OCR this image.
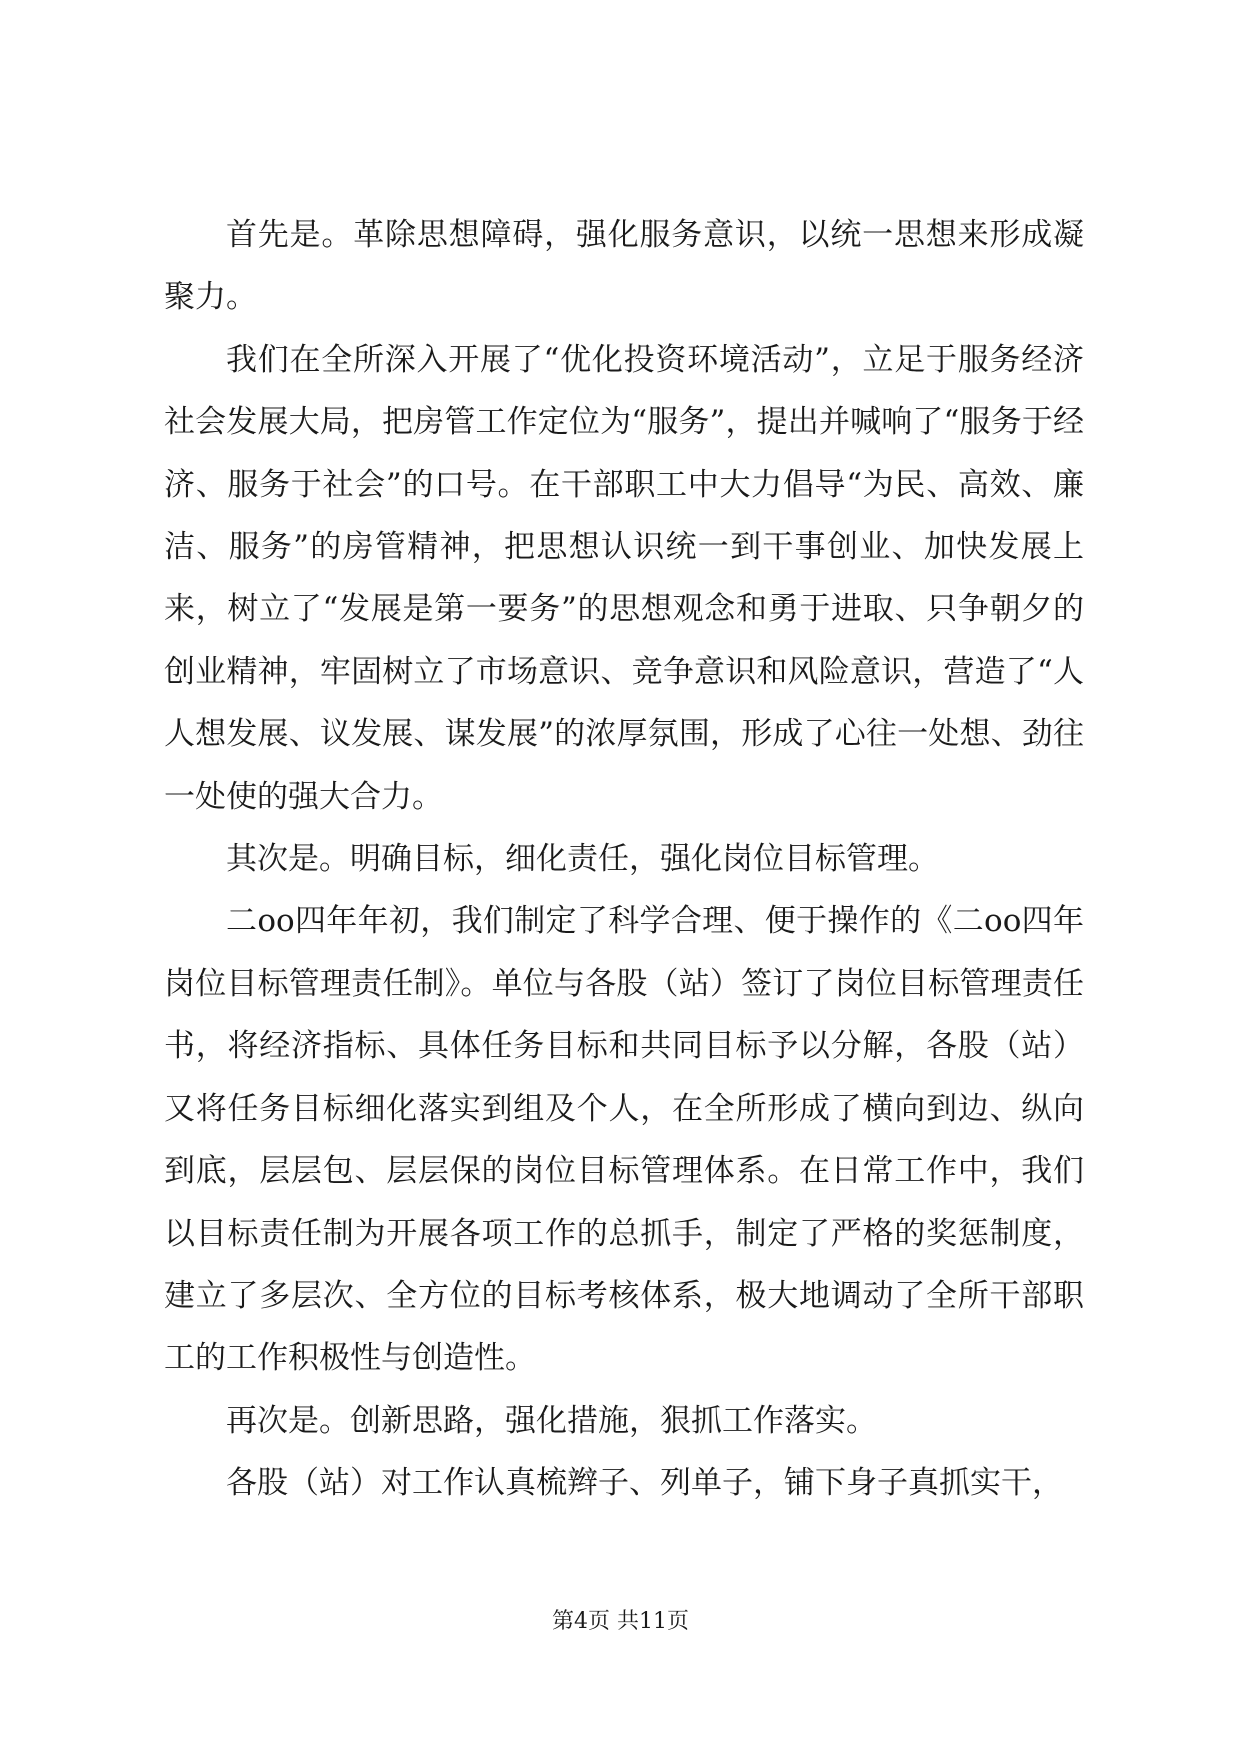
首先是。革除思想障碍，强化服务意识，以统一思想来形成凝聚力。

我们在全所深入开展了“优化投资环境活动”，立足于服务经济社会发展大局，把房管工作定位为“服务”，提出并喊响了“服务于经济、服务于社会”的口号。在干部职工中大力倡导“为民、高效、廉洁、服务”的房管精神，把思想认识统一到干事创业、加快发展上来，树立了“发展是第一要务”的思想观念和勇于进取、只争朝夕的创业精神，牢固树立了市场意识、竞争意识和风险意识，营造了“人人想发展、议发展、谋发展”的浓厚氛围，形成了心往一处想、劲往一处使的强大合力。

其次是。明确目标，细化责任，强化岗位目标管理。

二oo四年年初，我们制定了科学合理、便于操作的《二oo四年岗位目标管理责任制》。单位与各股（站）签订了岗位目标管理责任书，将经济指标、具体任务目标和共同目标予以分解，各股（站）又将任务目标细化落实到组及个人，在全所形成了横向到边、纵向到底，层层包、层层保的岗位目标管理体系。在日常工作中，我们以目标责任制为开展各项工作的总抓手，制定了严格的奖惩制度，建立了多层次、全方位的目标考核体系，极大地调动了全所干部职工的工作积极性与创造性。

再次是。创新思路，强化措施，狠抓工作落实。

各股（站）对工作认真梳辫子、列单子，铺下身子真抓实干，

第4页 共11页
